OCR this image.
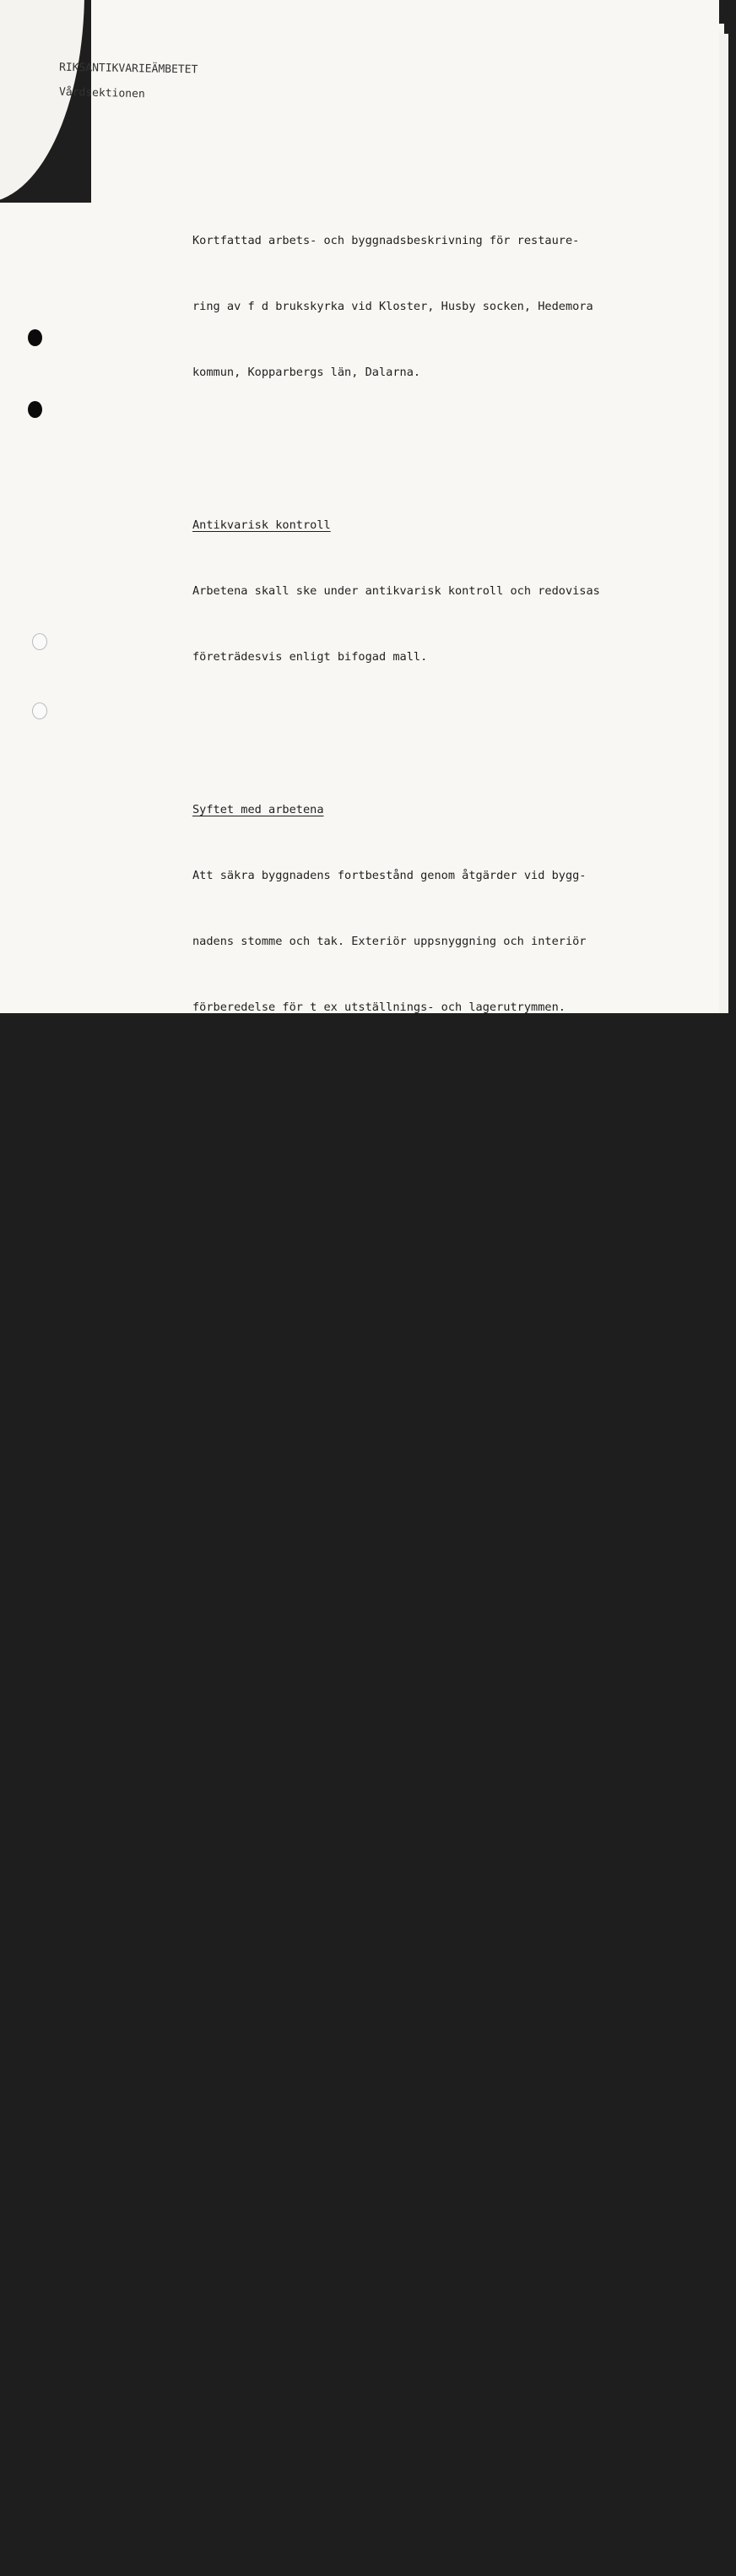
RIKSANTIKVARIEÄMBETET
Vårdsektionen

Kortfattad arbets- och byggnadsbeskrivning för restaure-

ring av f d brukskyrka vid Kloster, Husby socken, Hedemora

kommun, Kopparbergs län, Dalarna.

Antikvarisk kontroll

Arbetena skall ske under antikvarisk kontroll och redovisas

företrädesvis enligt bifogad mall.

Syftet med arbetena

Att säkra byggnadens fortbestånd genom åtgärder vid bygg-

nadens stomme och tak. Exteriör uppsnyggning och interiör

förberedelse för t ex utställnings- och lagerutrymmen.

EXTERIÖR

Grund och sockel

Frångrävning av jord, lösa och nedfallna stenar och plattor

fastmuras, stengrunden rengöres.

Väggar

Lösa och nedfallna stenar i väggstommen inmuras.

Vid insättning av fönster och dörrkarmar imuras omfatt-

ningen lika de befintliga.

Puts

Befintlig puts som sitter fast rengöres, sprickor i puts

urskrapas och ilagas, löst sittande puts nedknackas och

murytan rengöres, varsamt. Ny puts påläggas endast de ytor

som saknar putsbruk.

Avslutningen av puts vid sockel, besked lämnas vid byggmöte.

Kalkbruk

Endast Gotlandskalk får användas. Blandas 1+3,5. Kalkbruket

skall slås på med murslev och slevdragas, ytan avfärgas.

Besked om arbetsutförandet lämnas av teknisk kontrollant.
